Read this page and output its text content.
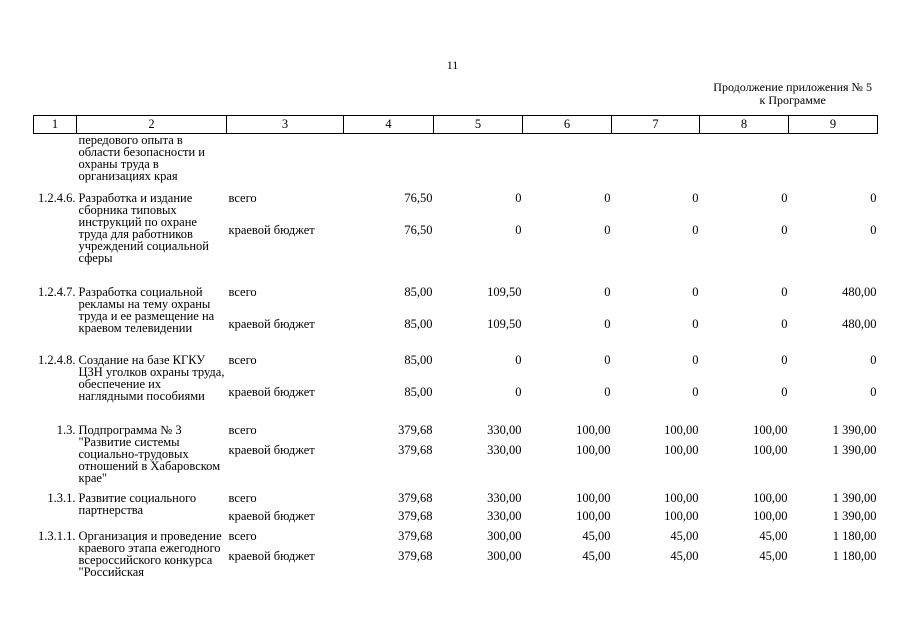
11
Продолжение приложения № 5
к Программе
1	2	3	4	5	6	7	8	9
	передового опыта в области безопасности и охраны труда в организациях края							
1.2.4.6.	Разработка и издание сборника типовых инструкций по охране труда для работников учреждений социальной сферы	всего	76,50	0	0	0	0	0
		краевой бюджет	76,50	0	0	0	0	0

1.2.4.7.	Разработка социальной рекламы на тему охраны труда и ее размещение на краевом телевидении	всего	85,00	109,50	0	0	0	480,00
		краевой бюджет	85,00	109,50	0	0	0	480,00

1.2.4.8.	Создание на базе КГКУ ЦЗН уголков охраны труда, обеспечение их наглядными пособиями	всего	85,00	0	0	0	0	0
		краевой бюджет	85,00	0	0	0	0	0

1.3.	Подпрограмма № 3 "Развитие системы социально-трудовых отношений в Хабаровском крае"	всего	379,68	330,00	100,00	100,00	100,00	1 390,00
		краевой бюджет	379,68	330,00	100,00	100,00	100,00	1 390,00

1.3.1.	Развитие социального партнерства	всего	379,68	330,00	100,00	100,00	100,00	1 390,00
		краевой бюджет	379,68	330,00	100,00	100,00	100,00	1 390,00

1.3.1.1.	Организация и проведение краевого этапа ежегодного всероссийского конкурса "Российская	всего	379,68	300,00	45,00	45,00	45,00	1 180,00
		краевой бюджет	379,68	300,00	45,00	45,00	45,00	1 180,00
